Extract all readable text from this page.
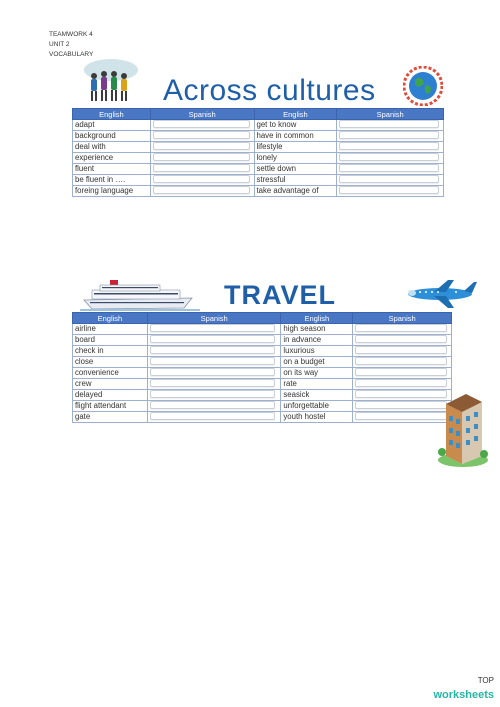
TEAMWORK 4
UNIT 2
VOCABULARY
Across cultures
English	Spanish	English	Spanish
adapt		get to know	
background		have in common	
deal with		lifestyle	
experience		lonely	
fluent		settle down	
be fluent in ….		stressful	
foreing language		take advantage of	
TRAVEL
English	Spanish	English	Spanish
airline		high season	
board		in advance	
check in		luxurious	
close		on a budget	
convenience		on its way	
crew		rate	
delayed		seasick	
flight attendant		unforgettable	
gate		youth hostel	
TOP
worksheets
